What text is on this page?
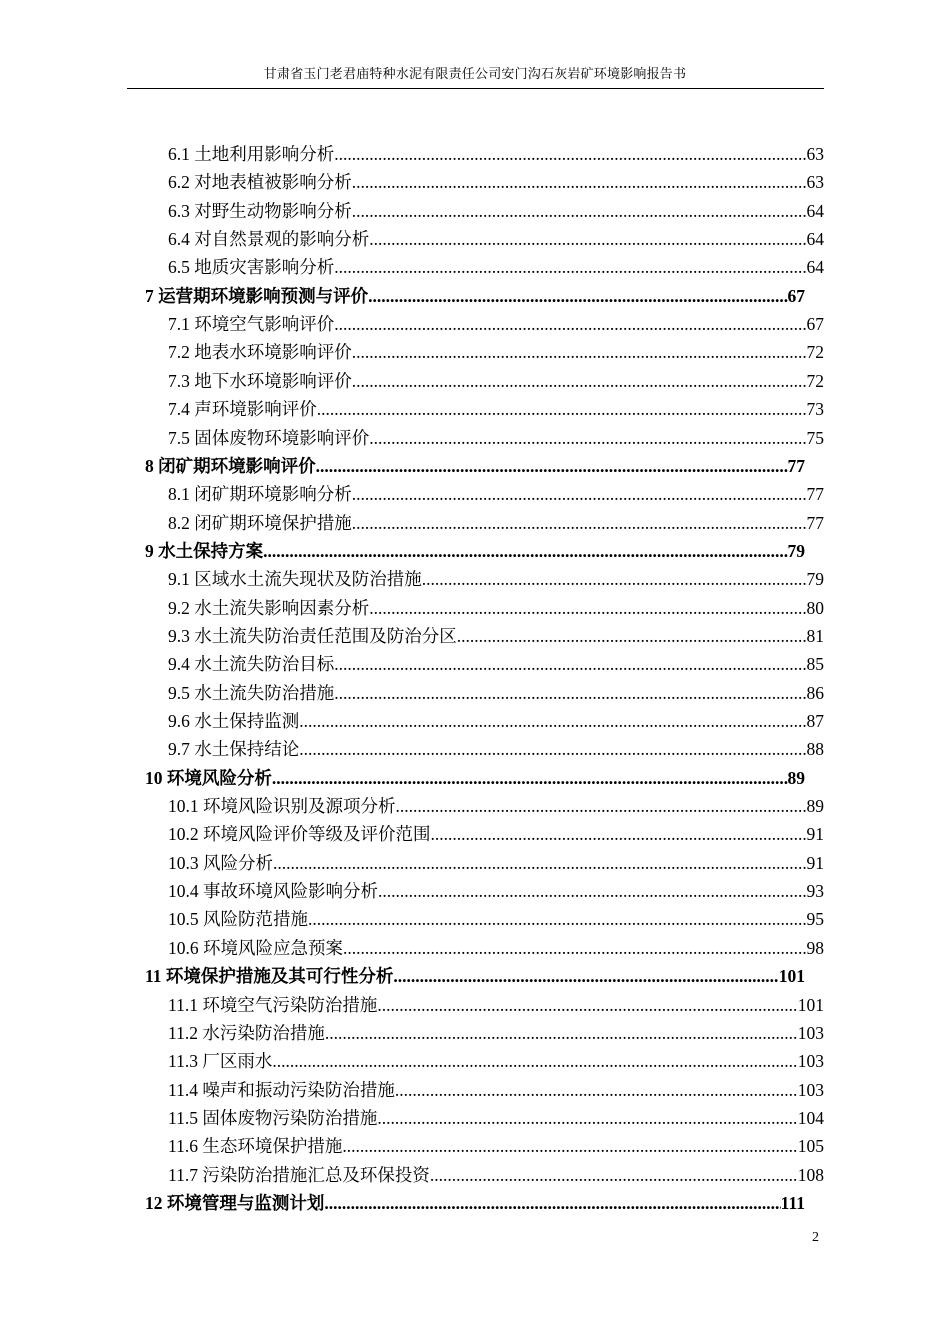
甘肃省玉门老君庙特种水泥有限责任公司安门沟石灰岩矿环境影响报告书
6.1 土地利用影响分析 .....	63
6.2 对地表植被影响分析 .....	63
6.3 对野生动物影响分析 .....	64
6.4 对自然景观的影响分析 .....	64
6.5 地质灾害影响分析 .....	64
7 运营期环境影响预测与评价 .....	67
7.1 环境空气影响评价 .....	67
7.2 地表水环境影响评价 .....	72
7.3 地下水环境影响评价 .....	72
7.4 声环境影响评价 .....	73
7.5 固体废物环境影响评价 .....	75
8 闭矿期环境影响评价 .....	77
8.1 闭矿期环境影响分析 .....	77
8.2 闭矿期环境保护措施 .....	77
9 水土保持方案 .....	79
9.1 区域水土流失现状及防治措施 .....	79
9.2 水土流失影响因素分析 .....	80
9.3 水土流失防治责任范围及防治分区 .....	81
9.4 水土流失防治目标 .....	85
9.5 水土流失防治措施 .....	86
9.6 水土保持监测 .....	87
9.7 水土保持结论 .....	88
10 环境风险分析 .....	89
10.1 环境风险识别及源项分析 .....	89
10.2 环境风险评价等级及评价范围 .....	91
10.3 风险分析 .....	91
10.4 事故环境风险影响分析 .....	93
10.5 风险防范措施 .....	95
10.6 环境风险应急预案 .....	98
11 环境保护措施及其可行性分析 .....	101
11.1 环境空气污染防治措施 .....	101
11.2 水污染防治措施 .....	103
11.3 厂区雨水 .....	103
11.4 噪声和振动污染防治措施 .....	103
11.5 固体废物污染防治措施 .....	104
11.6 生态环境保护措施 .....	105
11.7 污染防治措施汇总及环保投资 .....	108
12 环境管理与监测计划 .....	111
2
